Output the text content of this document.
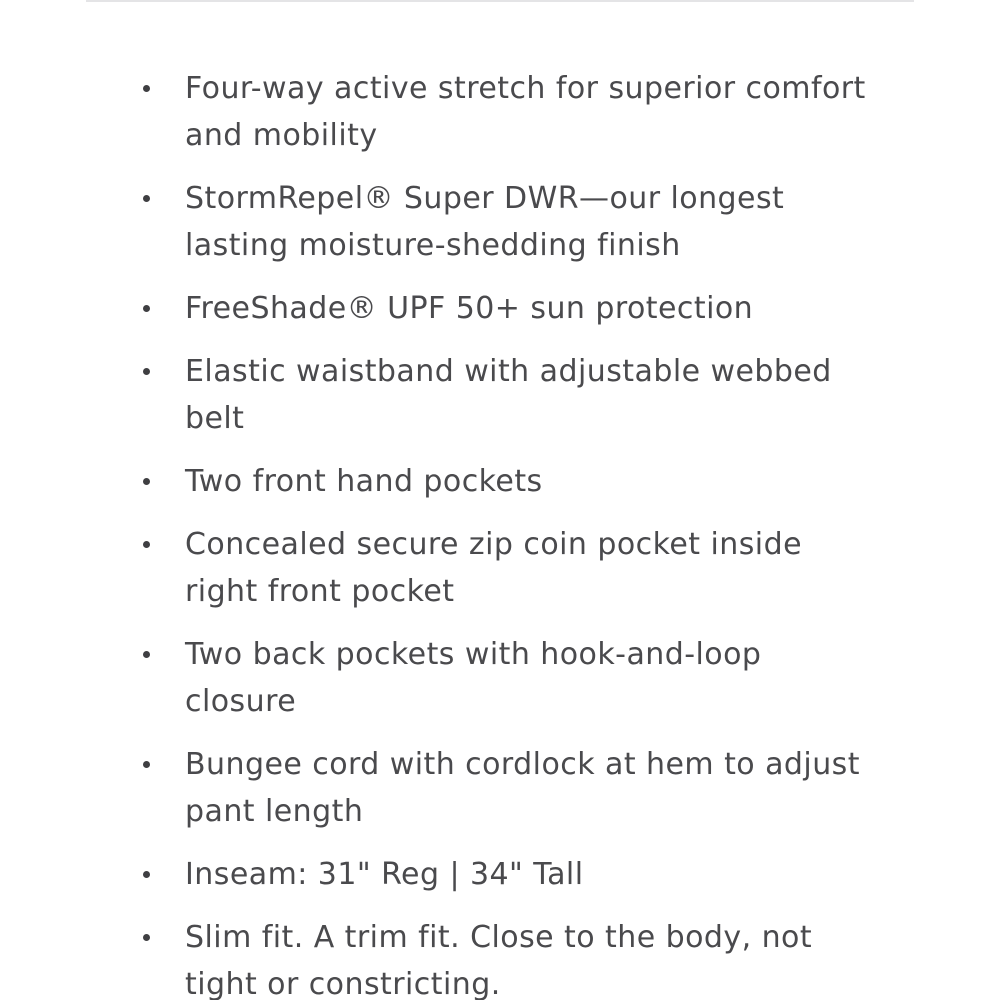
Four-way active stretch for superior comfort and mobility
StormRepel® Super DWR—our longest lasting moisture-shedding finish
FreeShade® UPF 50+ sun protection
Elastic waistband with adjustable webbed belt
Two front hand pockets
Concealed secure zip coin pocket inside right front pocket
Two back pockets with hook-and-loop closure
Bungee cord with cordlock at hem to adjust pant length
Inseam: 31" Reg | 34" Tall
Slim fit. A trim fit. Close to the body, not tight or constricting.
